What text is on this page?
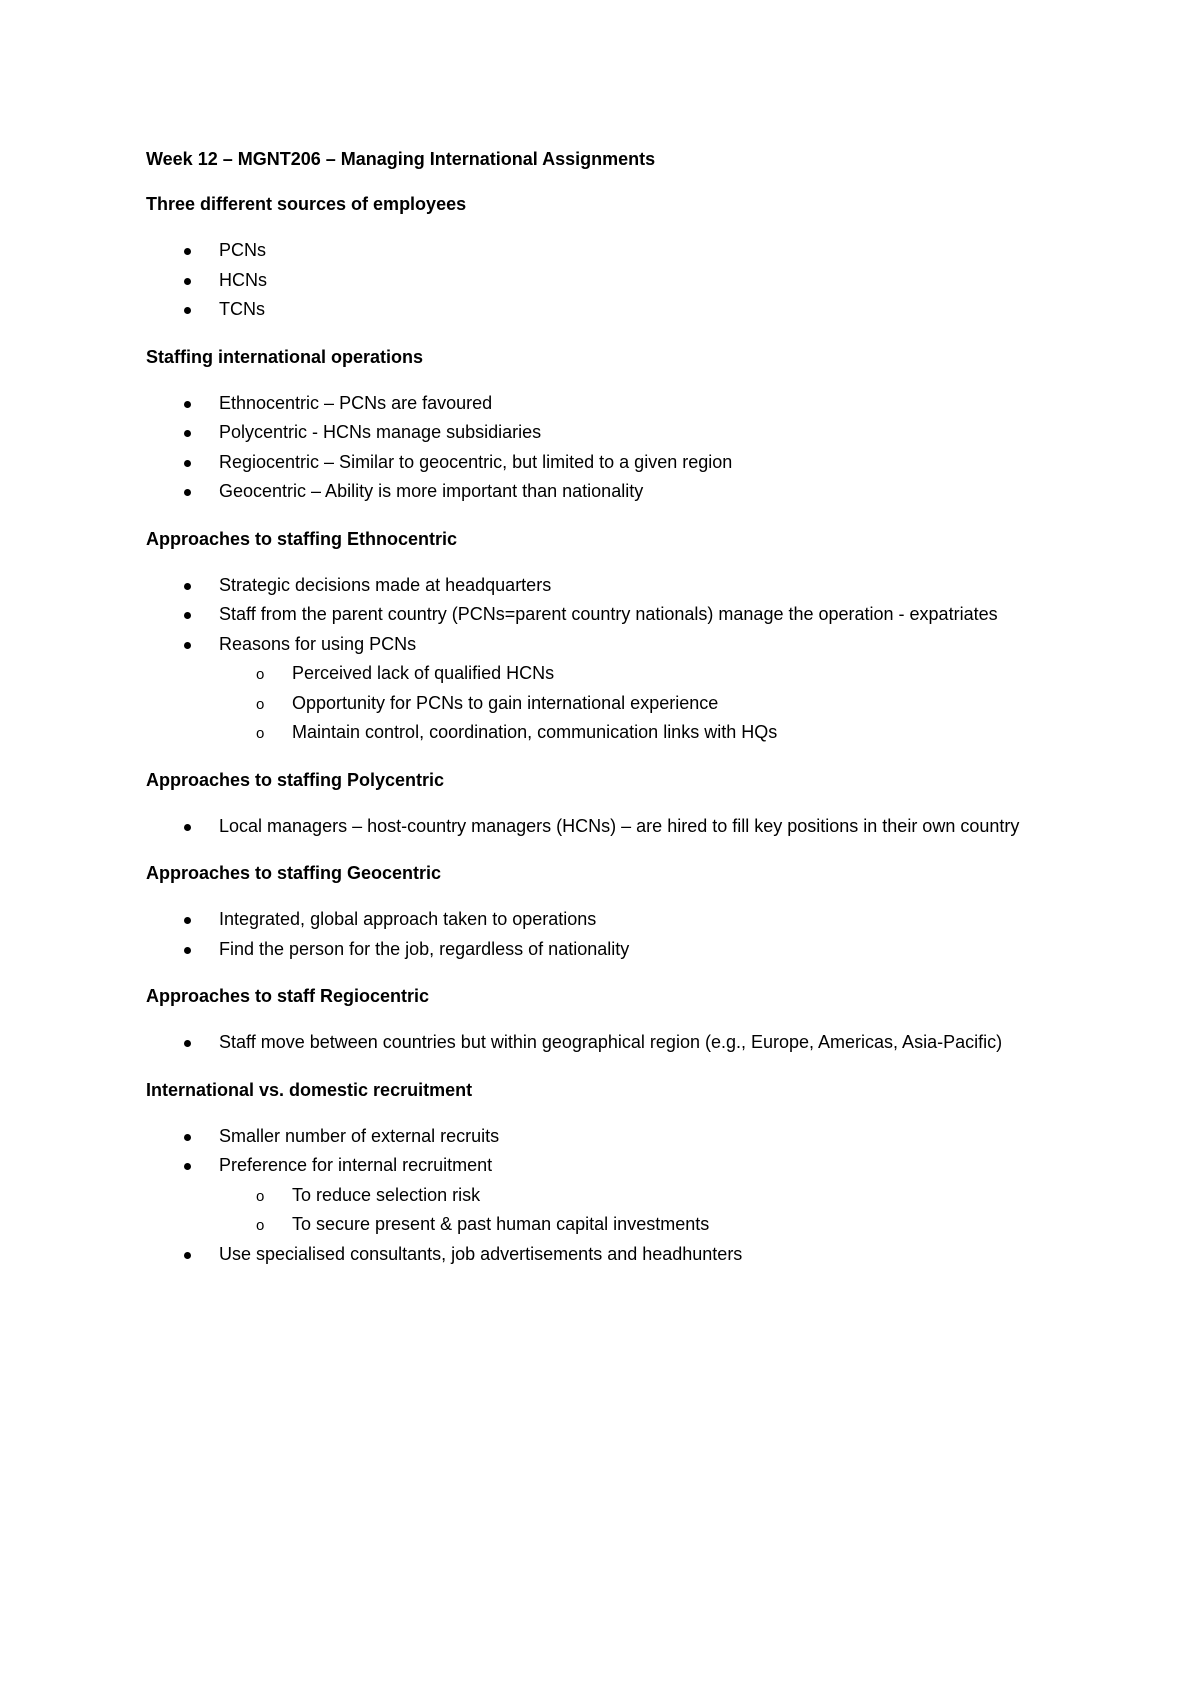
Week 12 – MGNT206 – Managing International Assignments
Three different sources of employees
PCNs
HCNs
TCNs
Staffing international operations
Ethnocentric – PCNs are favoured
Polycentric - HCNs manage subsidiaries
Regiocentric – Similar to geocentric, but limited to a given region
Geocentric – Ability is more important than nationality
Approaches to staffing Ethnocentric
Strategic decisions made at headquarters
Staff from the parent country (PCNs=parent country nationals) manage the operation - expatriates
Reasons for using PCNs
o Perceived lack of qualified HCNs
o Opportunity for PCNs to gain international experience
o Maintain control, coordination, communication links with HQs
Approaches to staffing Polycentric
Local managers – host-country managers (HCNs) – are hired to fill key positions in their own country
Approaches to staffing Geocentric
Integrated, global approach taken to operations
Find the person for the job, regardless of nationality
Approaches to staff Regiocentric
Staff move between countries but within geographical region (e.g., Europe, Americas, Asia-Pacific)
International vs. domestic recruitment
Smaller number of external recruits
Preference for internal recruitment
o To reduce selection risk
o To secure present & past human capital investments
Use specialised consultants, job advertisements and headhunters
